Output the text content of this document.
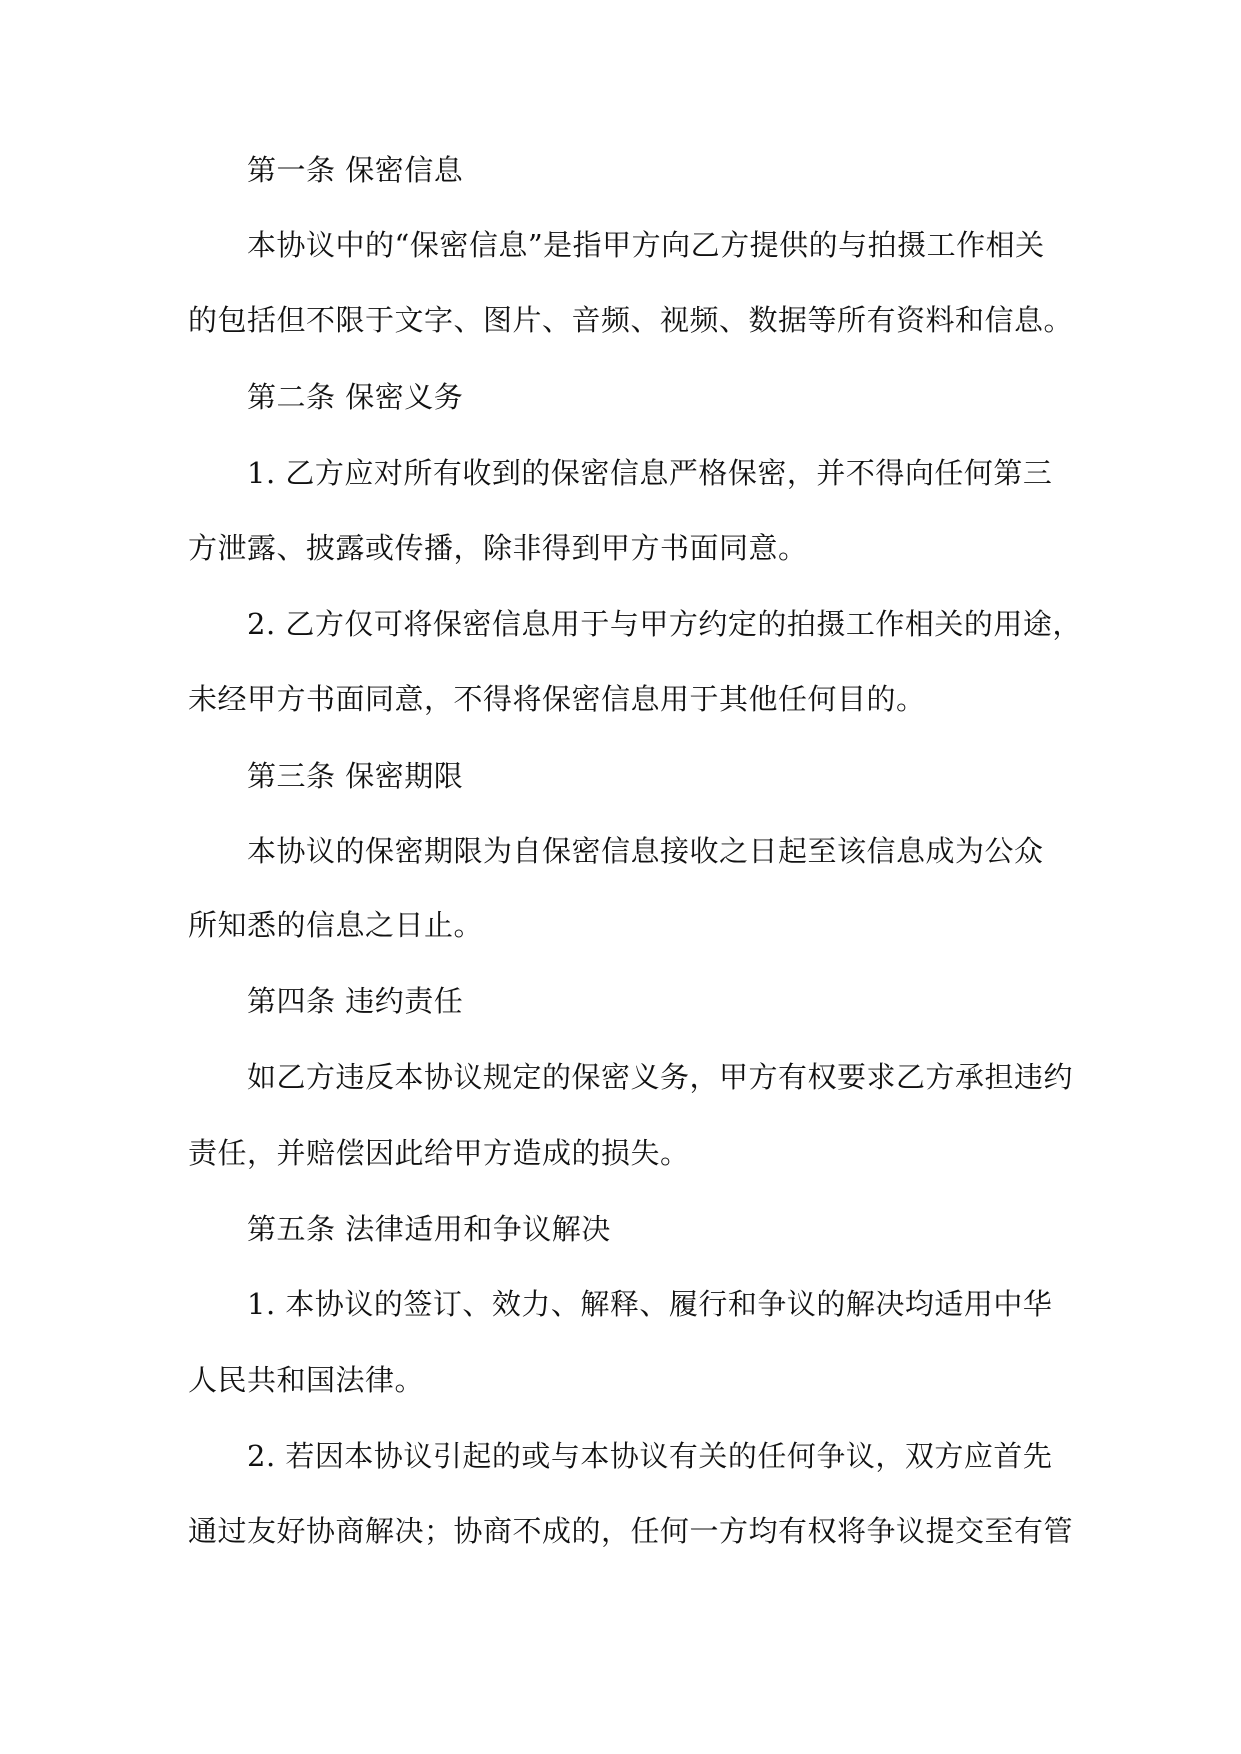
第一条 保密信息
本协议中的“保密信息”是指甲方向乙方提供的与拍摄工作相关
的包括但不限于文字、图片、音频、视频、数据等所有资料和信息。
第二条 保密义务
1. 乙方应对所有收到的保密信息严格保密，并不得向任何第三
方泄露、披露或传播，除非得到甲方书面同意。
2. 乙方仅可将保密信息用于与甲方约定的拍摄工作相关的用途，
未经甲方书面同意，不得将保密信息用于其他任何目的。
第三条 保密期限
本协议的保密期限为自保密信息接收之日起至该信息成为公众
所知悉的信息之日止。
第四条 违约责任
如乙方违反本协议规定的保密义务，甲方有权要求乙方承担违约
责任，并赔偿因此给甲方造成的损失。
第五条 法律适用和争议解决
1. 本协议的签订、效力、解释、履行和争议的解决均适用中华
人民共和国法律。
2. 若因本协议引起的或与本协议有关的任何争议，双方应首先
通过友好协商解决；协商不成的，任何一方均有权将争议提交至有管
